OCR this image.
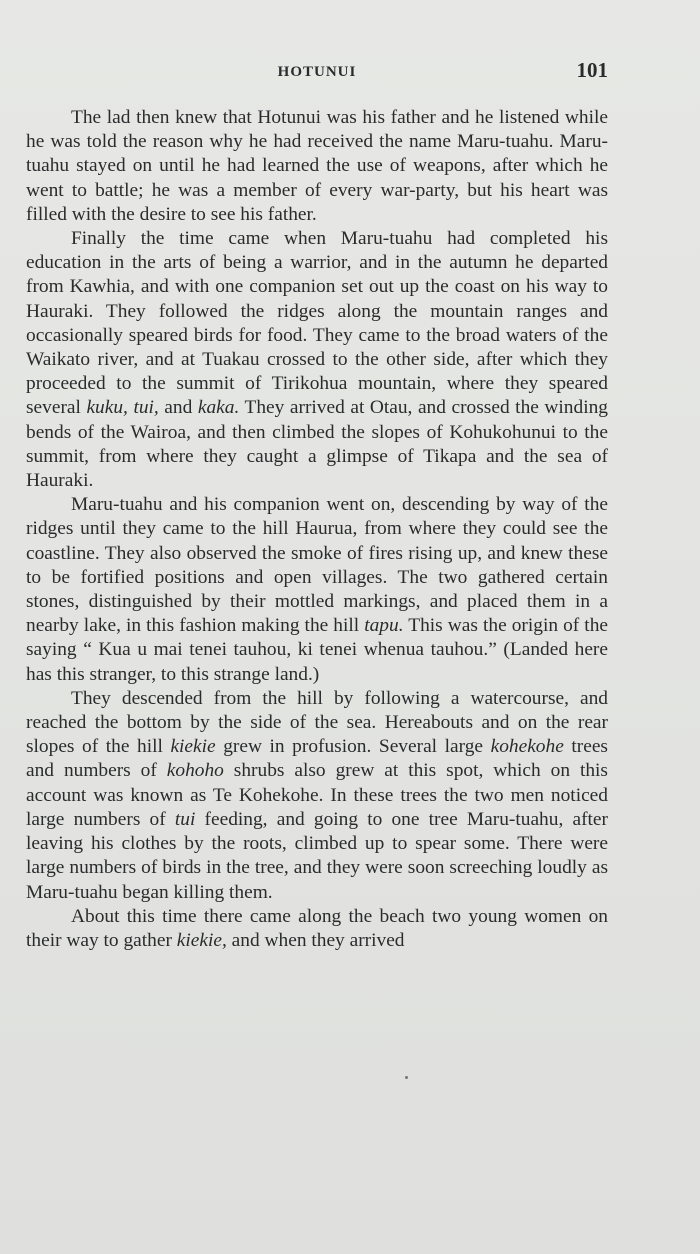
HOTUNUI	101

The lad then knew that Hotunui was his father and he listened while he was told the reason why he had received the name Maru-tuahu. Maru-tuahu stayed on until he had learned the use of weapons, after which he went to battle; he was a member of every war-party, but his heart was filled with the desire to see his father.

Finally the time came when Maru-tuahu had completed his education in the arts of being a warrior, and in the autumn he departed from Kawhia, and with one companion set out up the coast on his way to Hauraki. They followed the ridges along the mountain ranges and occasionally speared birds for food. They came to the broad waters of the Waikato river, and at Tuakau crossed to the other side, after which they proceeded to the summit of Tirikohua mountain, where they speared several kuku, tui, and kaka. They arrived at Otau, and crossed the winding bends of the Wairoa, and then climbed the slopes of Kohukohunui to the summit, from where they caught a glimpse of Tikapa and the sea of Hauraki.

Maru-tuahu and his companion went on, descending by way of the ridges until they came to the hill Haurua, from where they could see the coastline. They also observed the smoke of fires rising up, and knew these to be fortified positions and open villages. The two gathered certain stones, distinguished by their mottled markings, and placed them in a nearby lake, in this fashion making the hill tapu. This was the origin of the saying “ Kua u mai tenei tauhou, ki tenei whenua tauhou.” (Landed here has this stranger, to this strange land.)

They descended from the hill by following a watercourse, and reached the bottom by the side of the sea. Hereabouts and on the rear slopes of the hill kiekie grew in profusion. Several large kohekohe trees and numbers of kohoho shrubs also grew at this spot, which on this account was known as Te Kohekohe. In these trees the two men noticed large numbers of tui feeding, and going to one tree Maru-tuahu, after leaving his clothes by the roots, climbed up to spear some. There were large numbers of birds in the tree, and they were soon screeching loudly as Maru-tuahu began killing them.

About this time there came along the beach two young women on their way to gather kiekie, and when they arrived
